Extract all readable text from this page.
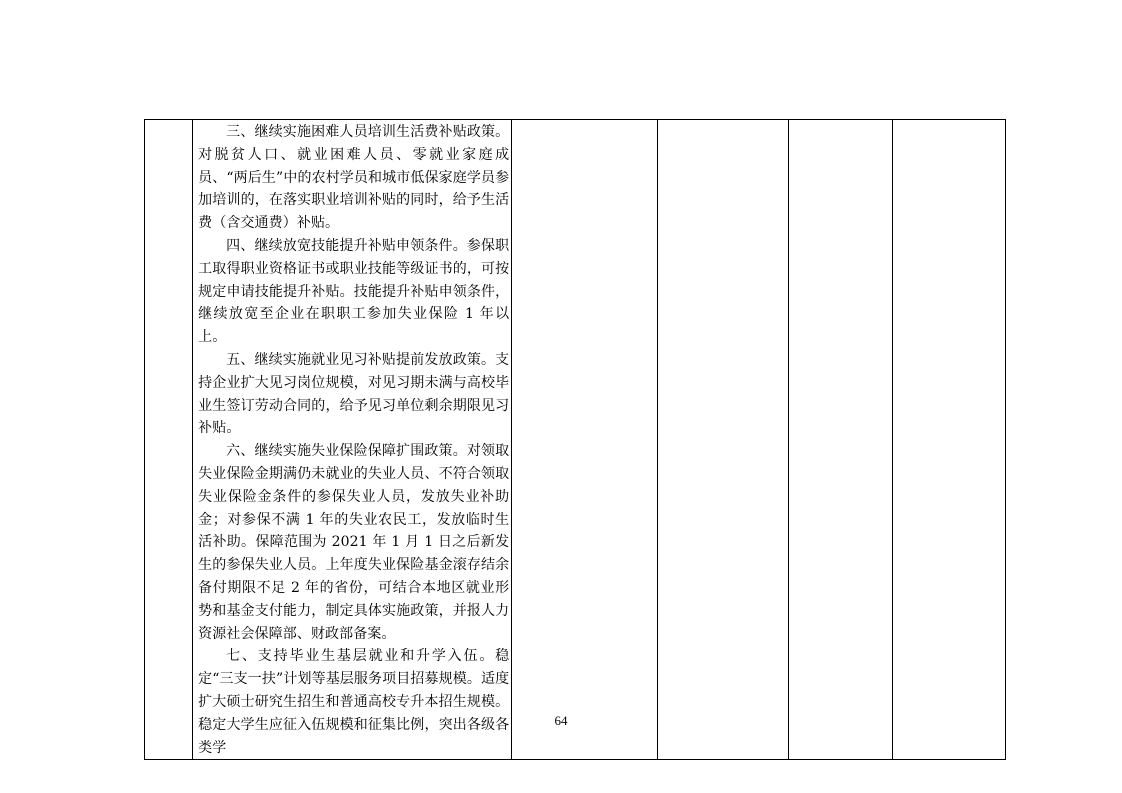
三、继续实施困难人员培训生活费补贴政策。对脱贫人口、就业困难人员、零就业家庭成员、“两后生”中的农村学员和城市低保家庭学员参加培训的，在落实职业培训补贴的同时，给予生活费（含交通费）补贴。

四、继续放宽技能提升补贴申领条件。参保职工取得职业资格证书或职业技能等级证书的，可按规定申请技能提升补贴。技能提升补贴申领条件，继续放宽至企业在职职工参加失业保险 1 年以上。

五、继续实施就业见习补贴提前发放政策。支持企业扩大见习岗位规模，对见习期未满与高校毕业生签订劳动合同的，给予见习单位剩余期限见习补贴。

六、继续实施失业保险保障扩围政策。对领取失业保险金期满仍未就业的失业人员、不符合领取失业保险金条件的参保失业人员，发放失业补助金；对参保不满 1 年的失业农民工，发放临时生活补助。保障范围为 2021 年 1 月 1 日之后新发生的参保失业人员。上年度失业保险基金滚存结余备付期限不足 2 年的省份，可结合本地区就业形势和基金支付能力，制定具体实施政策，并报人力资源社会保障部、财政部备案。

七、支持毕业生基层就业和升学入伍。稳定“三支一扶”计划等基层服务项目招募规模。适度扩大硕士研究生招生和普通高校专升本招生规模。稳定大学生应征入伍规模和征集比例，突出各级各类学

64
